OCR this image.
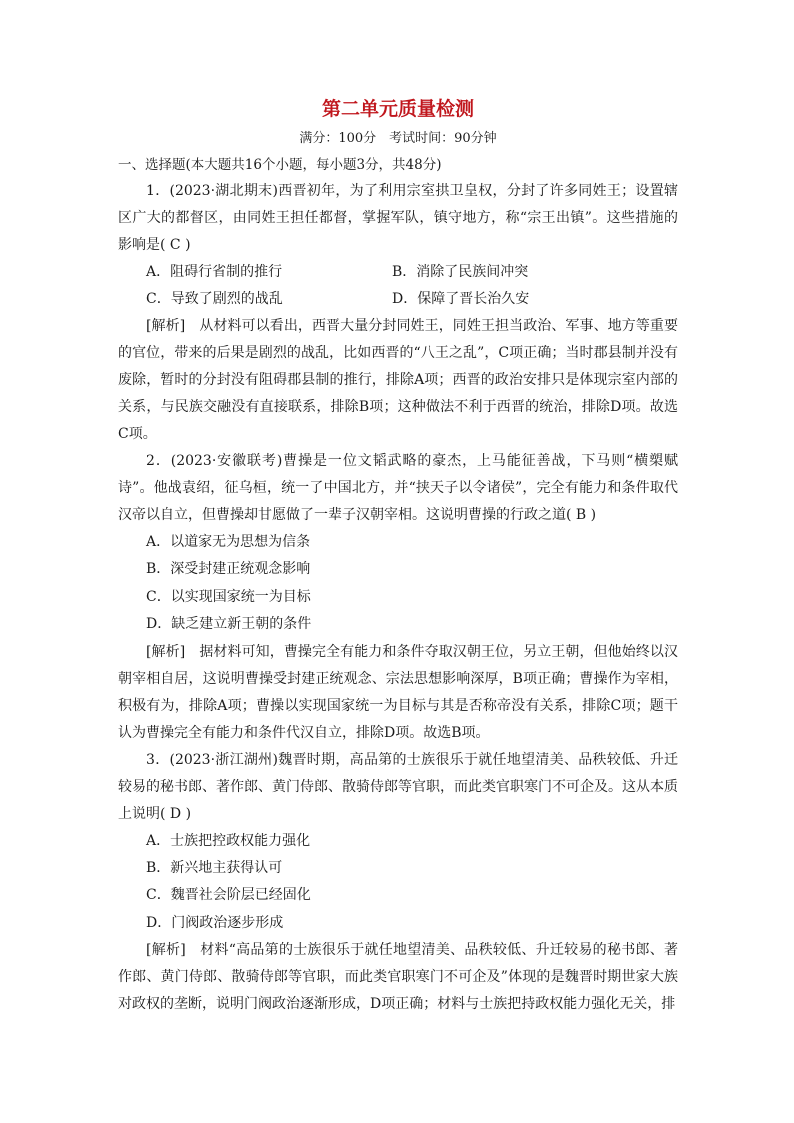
第二单元质量检测
满分：100分　考试时间：90分钟
一、选择题(本大题共16个小题，每小题3分，共48分)
1．(2023·湖北期末)西晋初年，为了利用宗室拱卫皇权，分封了许多同姓王；设置辖区广大的都督区，由同姓王担任都督，掌握军队，镇守地方，称“宗王出镇”。这些措施的影响是( C )
A．阻碍行省制的推行	B．消除了民族间冲突
C．导致了剧烈的战乱	D．保障了晋长治久安
[解析]　从材料可以看出，西晋大量分封同姓王，同姓王担当政治、军事、地方等重要的官位，带来的后果是剧烈的战乱，比如西晋的“八王之乱”，C项正确；当时郡县制并没有废除，暂时的分封没有阻碍郡县制的推行，排除A项；西晋的政治安排只是体现宗室内部的关系，与民族交融没有直接联系，排除B项；这种做法不利于西晋的统治，排除D项。故选C项。
2．(2023·安徽联考)曹操是一位文韬武略的豪杰，上马能征善战，下马则“横槊赋诗”。他战袁绍，征乌桓，统一了中国北方，并“挟天子以令诸侯”，完全有能力和条件取代汉帝以自立，但曹操却甘愿做了一辈子汉朝宰相。这说明曹操的行政之道( B )
A．以道家无为思想为信条
B．深受封建正统观念影响
C．以实现国家统一为目标
D．缺乏建立新王朝的条件
[解析]　据材料可知，曹操完全有能力和条件夺取汉朝王位，另立王朝，但他始终以汉朝宰相自居，这说明曹操受封建正统观念、宗法思想影响深厚，B项正确；曹操作为宰相，积极有为，排除A项；曹操以实现国家统一为目标与其是否称帝没有关系，排除C项；题干认为曹操完全有能力和条件代汉自立，排除D项。故选B项。
3．(2023·浙江湖州)魏晋时期，高品第的士族很乐于就任地望清美、品秩较低、升迁较易的秘书郎、著作郎、黄门侍郎、散骑侍郎等官职，而此类官职寒门不可企及。这从本质上说明( D )
A．士族把控政权能力强化
B．新兴地主获得认可
C．魏晋社会阶层已经固化
D．门阀政治逐步形成
[解析]　材料“高品第的士族很乐于就任地望清美、品秩较低、升迁较易的秘书郎、著作郎、黄门侍郎、散骑侍郎等官职，而此类官职寒门不可企及”体现的是魏晋时期世家大族对政权的垄断，说明门阀政治逐渐形成，D项正确；材料与士族把持政权能力强化无关，排
